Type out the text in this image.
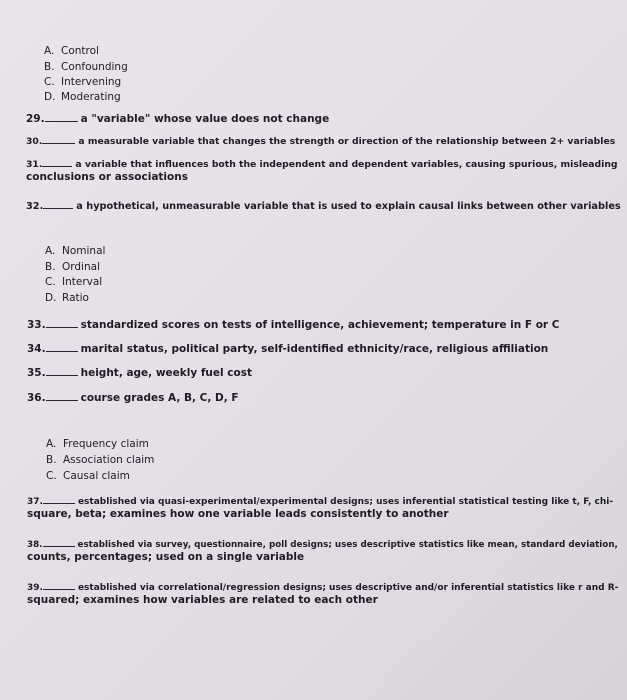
A. Control
B. Confounding
C. Intervening
D. Moderating
29.	a "variable" whose value does not change
30.	a measurable variable that changes the strength or direction of the relationship between 2+ variables
31.	a variable that influences both the independent and dependent variables, causing spurious, misleading
conclusions or associations
32.	a hypothetical, unmeasurable variable that is used to explain causal links between other variables
A. Nominal
B. Ordinal
C. Interval
D. Ratio
33.	standardized scores on tests of intelligence, achievement; temperature in F or C
34.	marital status, political party, self-identified ethnicity/race, religious affiliation
35.	height, age, weekly fuel cost
36.	course grades A, B, C, D, F
A. Frequency claim
B. Association claim
C. Causal claim
37.	established via quasi-experimental/experimental designs; uses inferential statistical testing like t, F, chi-
square, beta; examines how one variable leads consistently to another
38.	established via survey, questionnaire, poll designs; uses descriptive statistics like mean, standard deviation,
counts, percentages; used on a single variable
39.	established via correlational/regression designs; uses descriptive and/or inferential statistics like r and R-
squared; examines how variables are related to each other
